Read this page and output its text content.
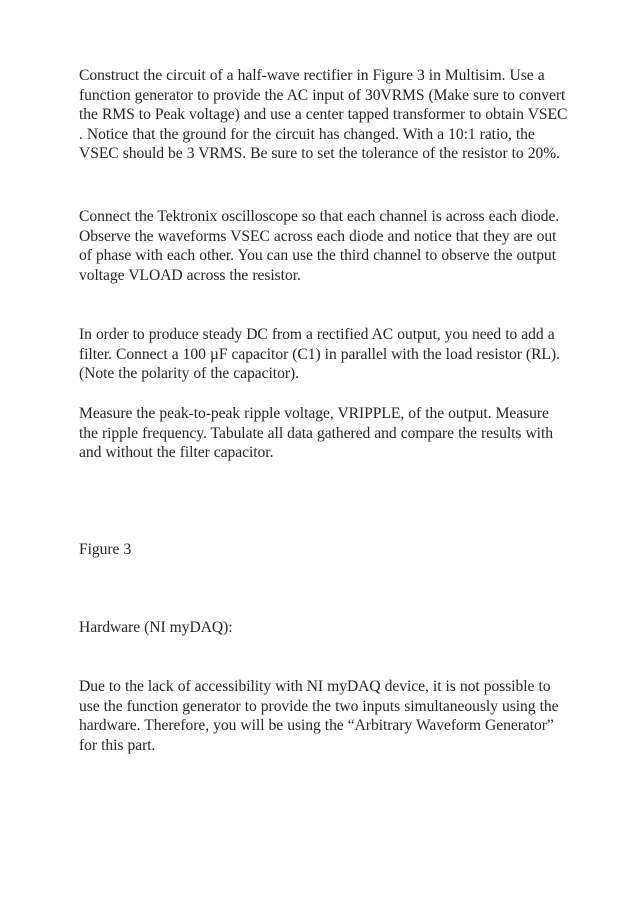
Construct the circuit of a half-wave rectifier in Figure 3 in Multisim. Use a function generator to provide the AC input of 30VRMS (Make sure to convert the RMS to Peak voltage) and use a center tapped transformer to obtain VSEC . Notice that the ground for the circuit has changed. With a 10:1 ratio, the VSEC should be 3 VRMS. Be sure to set the tolerance of the resistor to 20%.

Connect the Tektronix oscilloscope so that each channel is across each diode. Observe the waveforms VSEC across each diode and notice that they are out of phase with each other. You can use the third channel to observe the output voltage VLOAD across the resistor.

In order to produce steady DC from a rectified AC output, you need to add a filter. Connect a 100 µF capacitor (C1) in parallel with the load resistor (RL). (Note the polarity of the capacitor).

Measure the peak-to-peak ripple voltage, VRIPPLE, of the output. Measure the ripple frequency. Tabulate all data gathered and compare the results with and without the filter capacitor.

Figure 3

Hardware (NI myDAQ):

Due to the lack of accessibility with NI myDAQ device, it is not possible to use the function generator to provide the two inputs simultaneously using the hardware. Therefore, you will be using the “Arbitrary Waveform Generator” for this part.
